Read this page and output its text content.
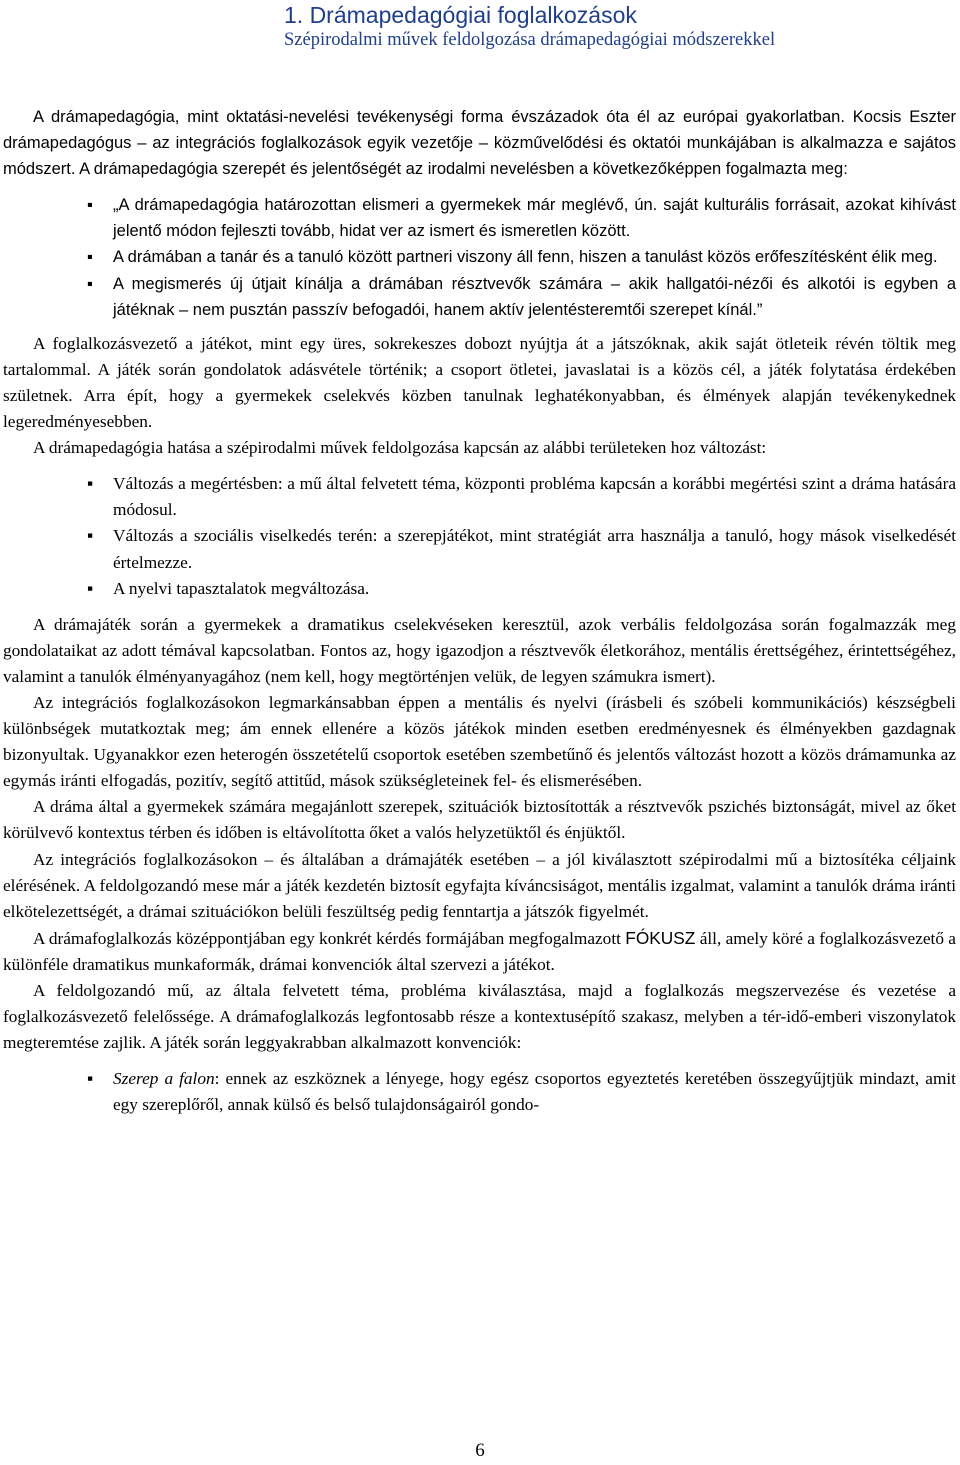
1. Drámapedagógiai foglalkozások
Szépirodalmi művek feldolgozása drámapedagógiai módszerekkel

A drámapedagógia, mint oktatási-nevelési tevékenységi forma évszázadok óta él az európai gyakorlatban. Kocsis Eszter drámapedagógus – az integrációs foglalkozások egyik vezetője – közművelődési és oktatói munkájában is alkalmazza e sajátos módszert. A drámapedagógia szerepét és jelentőségét az irodalmi nevelésben a következőképpen fogalmazta meg:

▪ „A drámapedagógia határozottan elismeri a gyermekek már meglévő, ún. saját kulturális forrásait, azokat kihívást jelentő módon fejleszti tovább, hidat ver az ismert és ismeretlen között.
▪ A drámában a tanár és a tanuló között partneri viszony áll fenn, hiszen a tanulást közös erőfeszítésként élik meg.
▪ A megismerés új útjait kínálja a drámában résztvevők számára – akik hallgatói-nézői és alkotói is egyben a játéknak – nem pusztán passzív befogadói, hanem aktív jelentésteremtői szerepet kínál.”

A foglalkozásvezető a játékot, mint egy üres, sokrekeszes dobozt nyújtja át a játszóknak, akik saját ötleteik révén töltik meg tartalommal. A játék során gondolatok adásvétele történik; a csoport ötletei, javaslatai is a közös cél, a játék folytatása érdekében születnek. Arra épít, hogy a gyermekek cselekvés közben tanulnak leghatékonyabban, és élmények alapján tevékenykednek legeredményesebben.

A drámapedagógia hatása a szépirodalmi művek feldolgozása kapcsán az alábbi területeken hoz változást:

▪ Változás a megértésben: a mű által felvetett téma, központi probléma kapcsán a korábbi megértési szint a dráma hatására módosul.
▪ Változás a szociális viselkedés terén: a szerepjátékot, mint stratégiát arra használja a tanuló, hogy mások viselkedését értelmezze.
▪ A nyelvi tapasztalatok megváltozása.

A drámajáték során a gyermekek a dramatikus cselekvéseken keresztül, azok verbális feldolgozása során fogalmazzák meg gondolataikat az adott témával kapcsolatban. Fontos az, hogy igazodjon a résztvevők életkorához, mentális érettségéhez, érintettségéhez, valamint a tanulók élményanyagához (nem kell, hogy megtörténjen velük, de legyen számukra ismert).

Az integrációs foglalkozásokon legmarkánsabban éppen a mentális és nyelvi (írásbeli és szóbeli kommunikációs) készségbeli különbségek mutatkoztak meg; ám ennek ellenére a közös játékok minden esetben eredményesnek és élményekben gazdagnak bizonyultak. Ugyanakkor ezen heterogén összetételű csoportok esetében szembetűnő és jelentős változást hozott a közös drámamunka az egymás iránti elfogadás, pozitív, segítő attitűd, mások szükségleteinek fel- és elismerésében.

A dráma által a gyermekek számára megajánlott szerepek, szituációk biztosították a résztvevők pszichés biztonságát, mivel az őket körülvevő kontextus térben és időben is eltávolította őket a valós helyzetüktől és énjüktől.

Az integrációs foglalkozásokon – és általában a drámajáték esetében – a jól kiválasztott szépirodalmi mű a biztosítéka céljaink elérésének. A feldolgozandó mese már a játék kezdetén biztosít egyfajta kíváncsiságot, mentális izgalmat, valamint a tanulók dráma iránti elkötelezettségét, a drámai szituációkon belüli feszültség pedig fenntartja a játszók figyelmét.

A drámafoglalkozás középpontjában egy konkrét kérdés formájában megfogalmazott FÓKUSZ áll, amely köré a foglalkozásvezető a különféle dramatikus munkaformák, drámai konvenciók által szervezi a játékot.

A feldolgozandó mű, az általa felvetett téma, probléma kiválasztása, majd a foglalkozás megszervezése és vezetése a foglalkozásvezető felelőssége. A drámafoglalkozás legfontosabb része a kontextusépítő szakasz, melyben a tér-idő-emberi viszonylatok megteremtése zajlik. A játék során leggyakrabban alkalmazott konvenciók:

▪ Szerep a falon: ennek az eszköznek a lényege, hogy egész csoportos egyeztetés keretében összegyűjtjük mindazt, amit egy szereplőről, annak külső és belső tulajdonságairól gondo-
6
